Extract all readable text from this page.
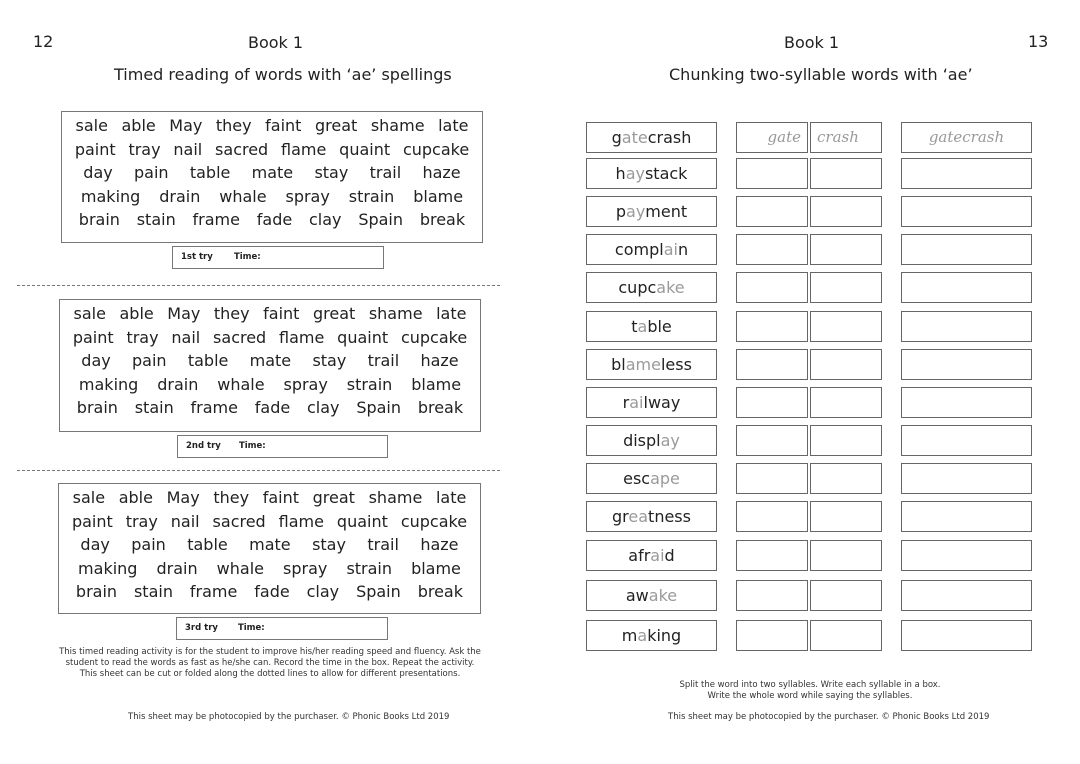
12	Book 1
Timed reading of words with ‘ae’ spellings
sale able May they faint great shame late
paint tray nail sacred flame quaint cupcake
day pain table mate stay trail haze
making drain whale spray strain blame
brain stain frame fade clay Spain break
1st try Time:
sale able May they faint great shame late
paint tray nail sacred flame quaint cupcake
day pain table mate stay trail haze
making drain whale spray strain blame
brain stain frame fade clay Spain break
2nd try Time:
sale able May they faint great shame late
paint tray nail sacred flame quaint cupcake
day pain table mate stay trail haze
making drain whale spray strain blame
brain stain frame fade clay Spain break
3rd try Time:
This timed reading activity is for the student to improve his/her reading speed and fluency. Ask the
student to read the words as fast as he/she can. Record the time in the box. Repeat the activity.
This sheet can be cut or folded along the dotted lines to allow for different presentations.
This sheet may be photocopied by the purchaser. © Phonic Books Ltd 2019
Book 1	13
Chunking two-syllable words with ‘ae’
gatecrash	gate	crash	gatecrash
haystack
payment
complain
cupcake
table
blameless
railway
display
escape
greatness
afraid
awake
making
Split the word into two syllables. Write each syllable in a box.
Write the whole word while saying the syllables.
This sheet may be photocopied by the purchaser. © Phonic Books Ltd 2019
